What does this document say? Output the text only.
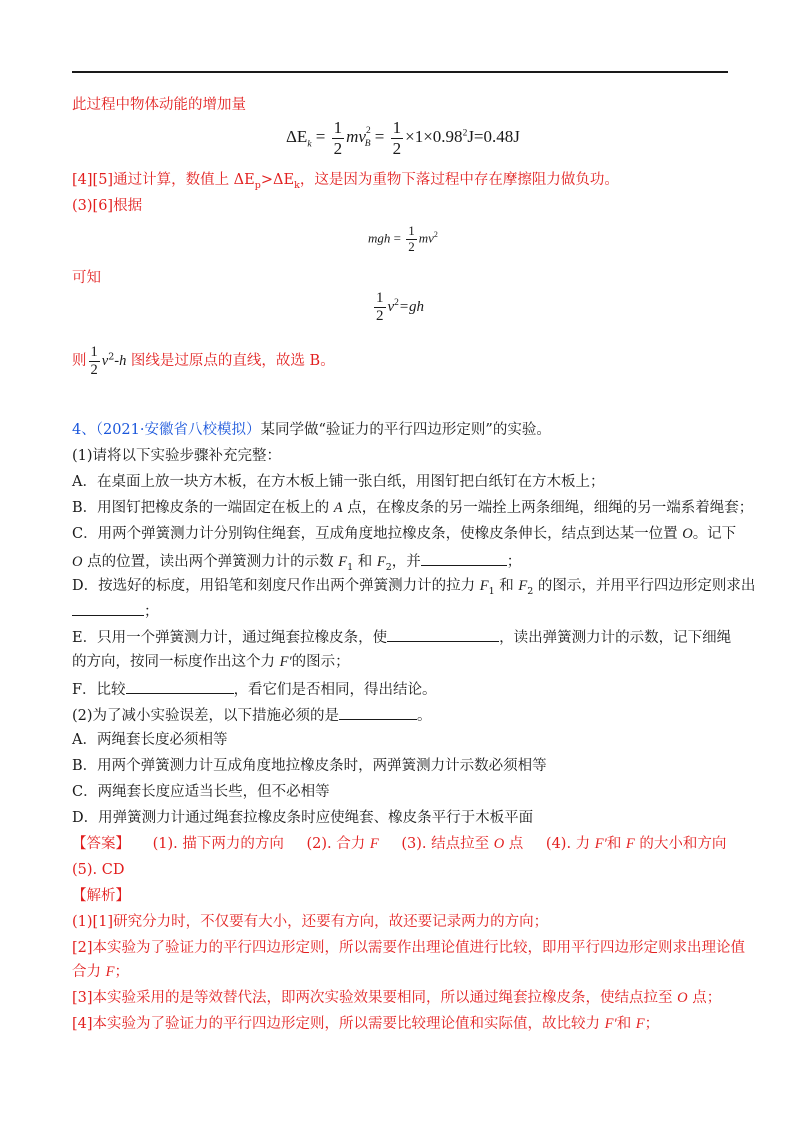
此过程中物体动能的增加量
$\Delta E_k = \frac{1}{2} mv^2_B = \frac{1}{2} \times 1\times 0.98^2J=0.48J$
[4][5]通过计算，数值上 $\Delta E_p>\Delta E_k$，这是因为重物下落过程中存在摩擦阻力做负功。
(3)[6]根据
mgh = $\frac{1}{2} mv^2$
可知
$\frac{1}{2} v^2=gh$
则 $\frac{1}{2} v^2-h$ 图线是过原点的直线，故选 B。
4、（2021·安徽省八校模拟）某同学做“验证力的平行四边形定则”的实验。
(1)请将以下实验步骤补充完整：
A．在桌面上放一块方木板，在方木板上铺一张白纸，用图钉把白纸钉在方木板上；
B．用图钉把橡皮条的一端固定在板上的 A 点，在橡皮条的另一端拴上两条细绳，细绳的另一端系着绳套；
C．用两个弹簧测力计分别钩住绳套，互成角度地拉橡皮条，使橡皮条伸长，结点到达某一位置 O。记下
O 点的位置，读出两个弹簧测力计的示数 $F_1$ 和 $F_2$，并	；
D．按选好的标度，用铅笔和刻度尺作出两个弹簧测力计的拉力 $F_1$ 和 $F_2$ 的图示，并用平行四边形定则求出
；
E．只用一个弹簧测力计，通过绳套拉橡皮条，使	，读出弹簧测力计的示数，记下细绳
的方向，按同一标度作出这个力 F′的图示；
F．比较	，看它们是否相同，得出结论。
(2)为了减小实验误差，以下措施必须的是	。
A．两绳套长度必须相等
B．用两个弹簧测力计互成角度地拉橡皮条时，两弹簧测力计示数必须相等
C．两绳套长度应适当长些，但不必相等
D．用弹簧测力计通过绳套拉橡皮条时应使绳套、橡皮条平行于木板平面
【答案】 (1). 描下两力的方向 (2). 合力 F (3). 结点拉至 O 点 (4). 力 F′和 F 的大小和方向
(5). CD
【解析】
(1)[1]研究分力时，不仅要有大小，还要有方向，故还要记录两力的方向；
[2]本实验为了验证力的平行四边形定则，所以需要作出理论值进行比较，即用平行四边形定则求出理论值
合力 F；
[3]本实验采用的是等效替代法，即两次实验效果要相同，所以通过绳套拉橡皮条，使结点拉至 O 点；
[4]本实验为了验证力的平行四边形定则，所以需要比较理论值和实际值，故比较力 F′和 F；
